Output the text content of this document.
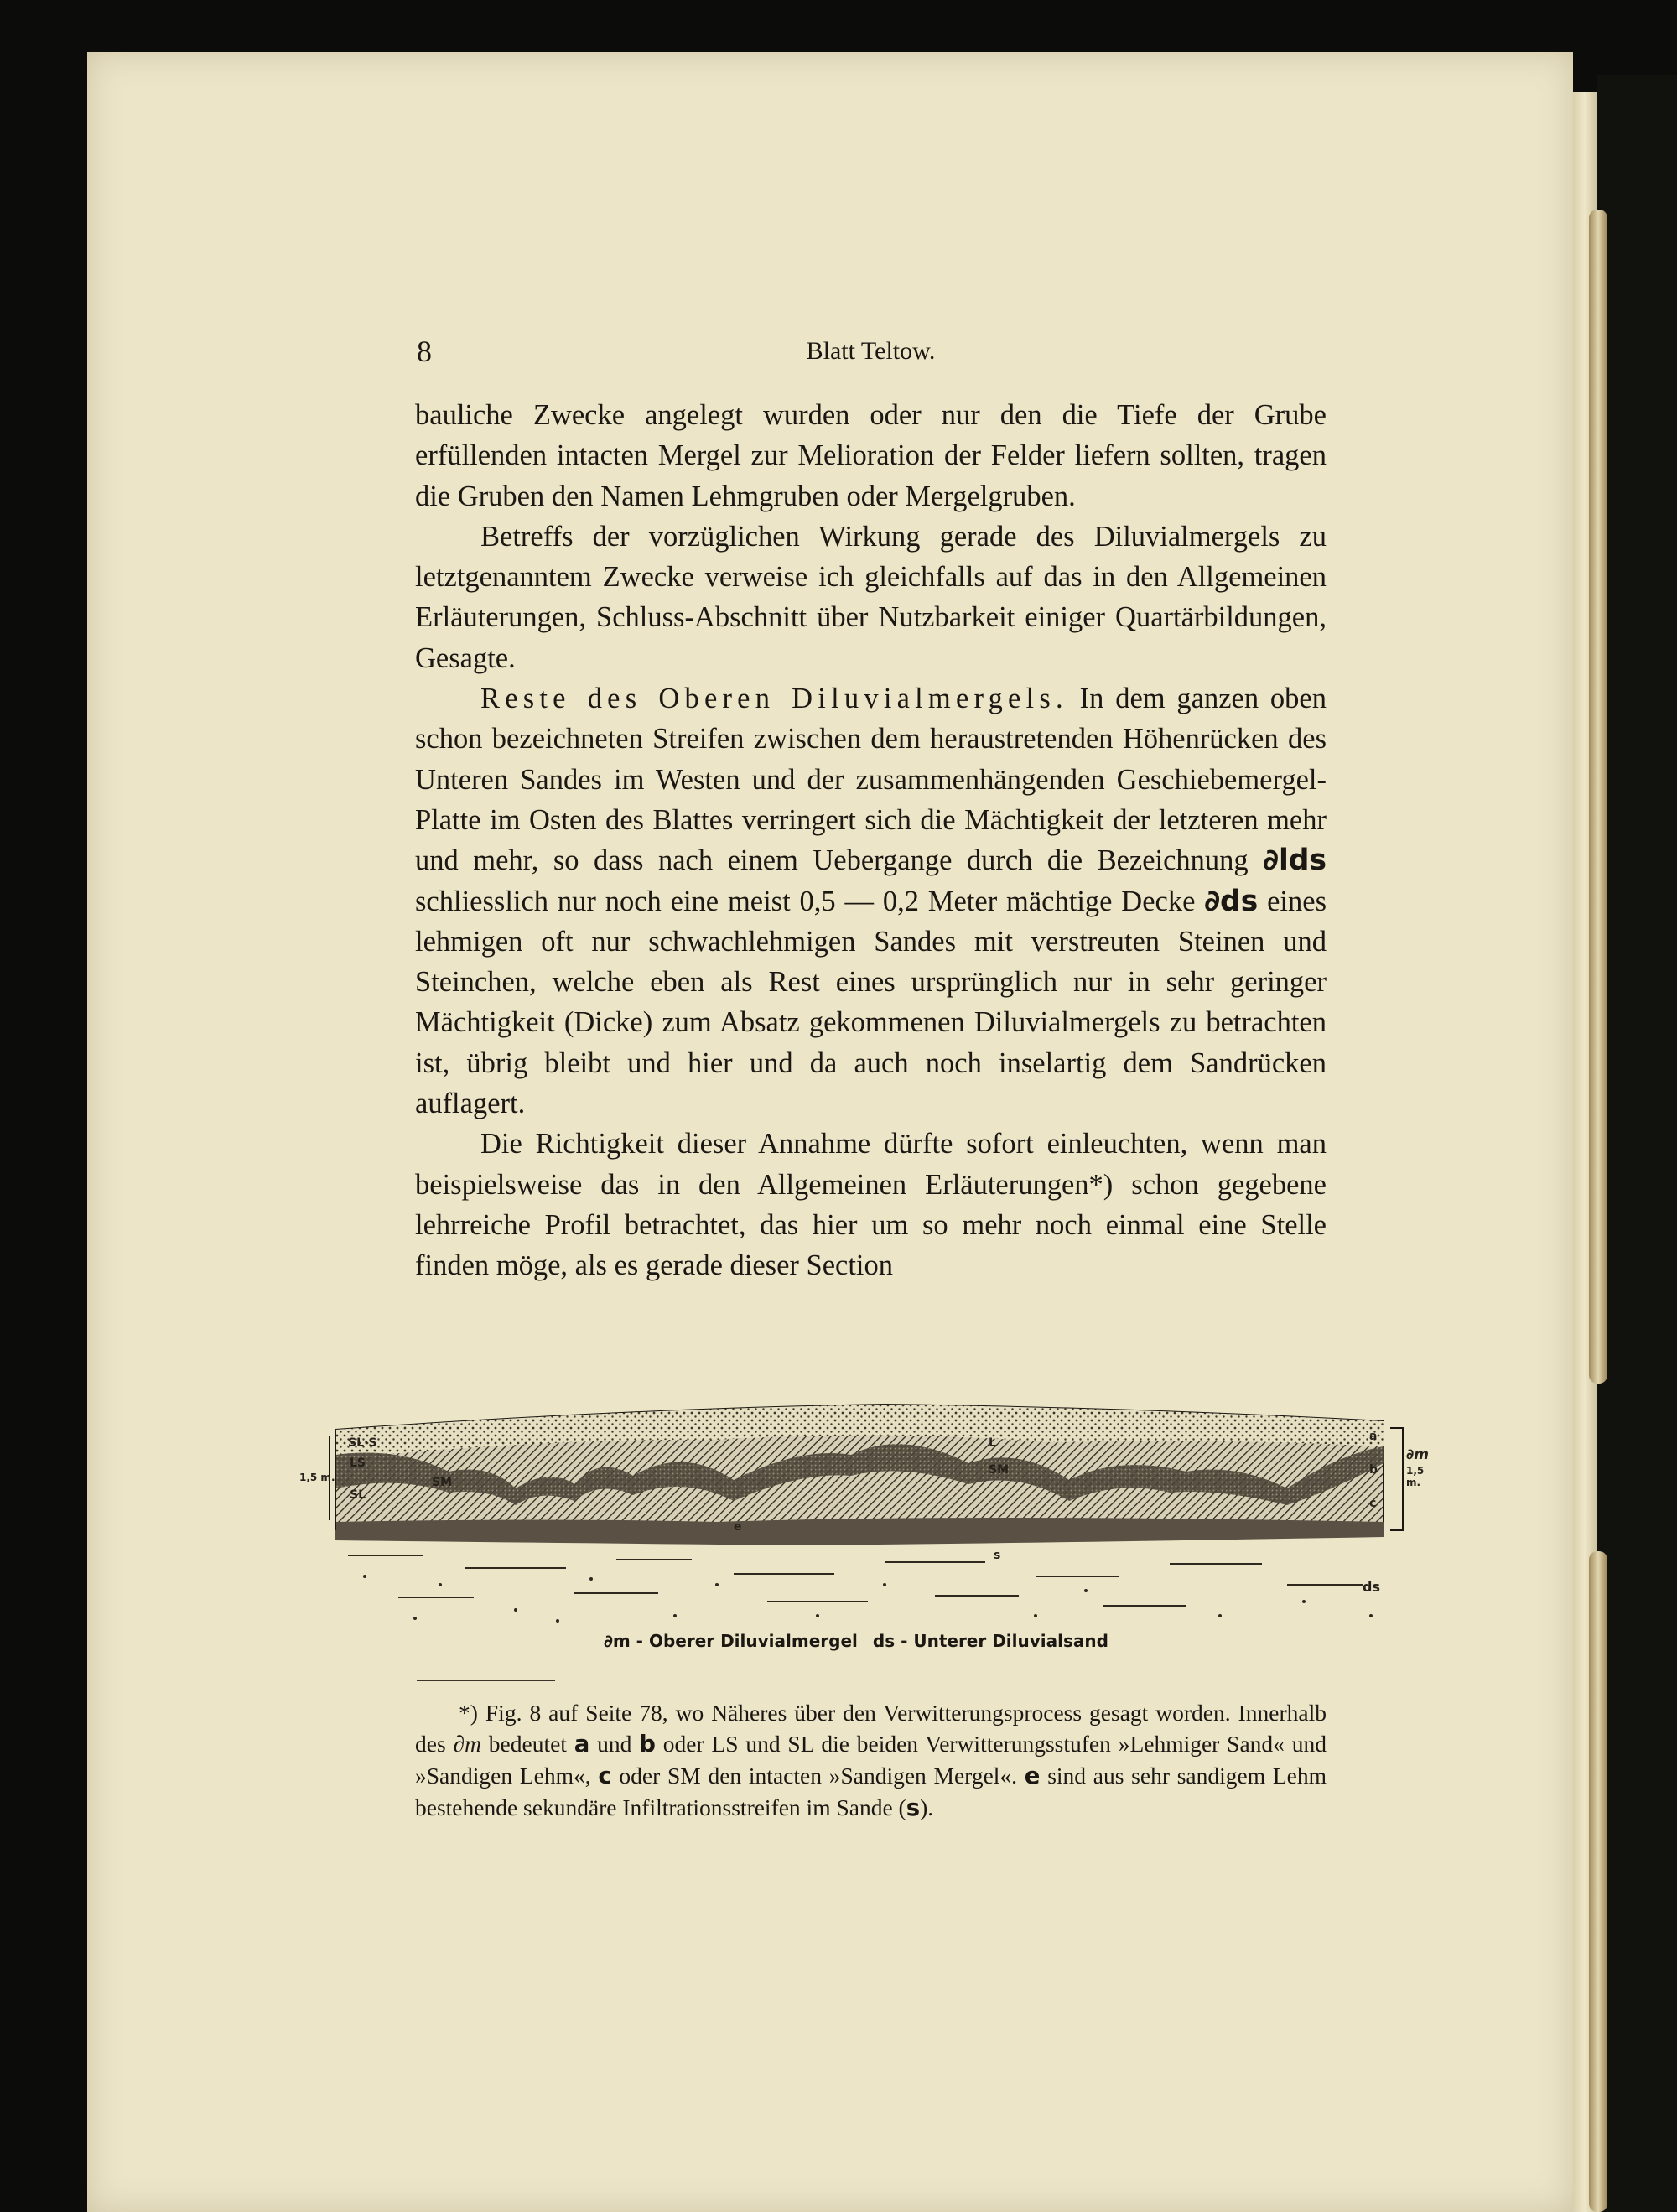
8	Blatt Teltow.

bauliche Zwecke angelegt wurden oder nur den die Tiefe der Grube erfüllenden intacten Mergel zur Melioration der Felder liefern sollten, tragen die Gruben den Namen Lehmgruben oder Mergelgruben.

Betreffs der vorzüglichen Wirkung gerade des Diluvialmergels zu letztgenanntem Zwecke verweise ich gleichfalls auf das in den Allgemeinen Erläuterungen, Schluss-Abschnitt über Nutzbarkeit einiger Quartärbildungen, Gesagte.

Reste des Oberen Diluvialmergels. In dem ganzen oben schon bezeichneten Streifen zwischen dem heraustretenden Höhenrücken des Unteren Sandes im Westen und der zusammenhängenden Geschiebemergel-Platte im Osten des Blattes verringert sich die Mächtigkeit der letzteren mehr und mehr, so dass nach einem Uebergange durch die Bezeichnung ∂lds schliesslich nur noch eine meist 0,5 — 0,2 Meter mächtige Decke ∂ds eines lehmigen oft nur schwachlehmigen Sandes mit verstreuten Steinen und Steinchen, welche eben als Rest eines ursprünglich nur in sehr geringer Mächtigkeit (Dicke) zum Absatz gekommenen Diluvialmergels zu betrachten ist, übrig bleibt und hier und da auch noch inselartig dem Sandrücken auflagert.

Die Richtigkeit dieser Annahme dürfte sofort einleuchten, wenn man beispielsweise das in den Allgemeinen Erläuterungen*) schon gegebene lehrreiche Profil betrachtet, das hier um so mehr noch einmal eine Stelle finden möge, als es gerade dieser Section

SL·S
LS
SM
SL
e
s
L
SM
a
b
c
∂m
1,5 m.
1,5 m.
ds
∂m - Oberer Diluvialmergel ds - Unterer Diluvialsand

*) Fig. 8 auf Seite 78, wo Näheres über den Verwitterungsprocess gesagt worden. Innerhalb des ∂m bedeutet a und b oder LS und SL die beiden Verwitterungsstufen »Lehmiger Sand« und »Sandigen Lehm«, c oder SM den intacten »Sandigen Mergel«. e sind aus sehr sandigem Lehm bestehende sekundäre Infiltrationsstreifen im Sande (s).
